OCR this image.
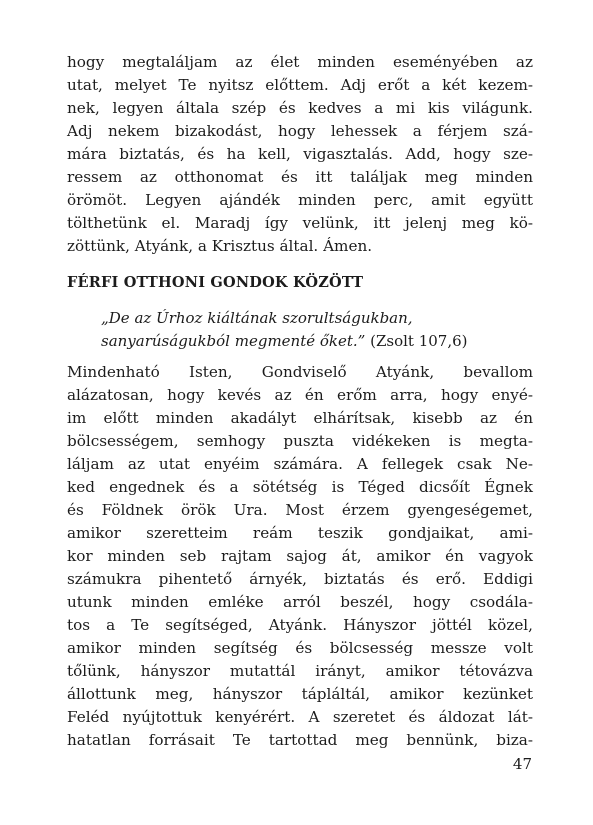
hogy megtaláljam az élet minden eseményében az
utat, melyet Te nyitsz előttem. Adj erőt a két kezem-
nek, legyen általa szép és kedves a mi kis világunk.
Adj nekem bizakodást, hogy lehessek a férjem szá-
mára biztatás, és ha kell, vigasztalás. Add, hogy sze-
ressem az otthonomat és itt találjak meg minden
örömöt. Legyen ajándék minden perc, amit együtt
tölthetünk el. Maradj így velünk, itt jelenj meg kö-
zöttünk, Atyánk, a Krisztus által. Ámen.
FÉRFI OTTHONI GONDOK KÖZÖTT
„De az Úrhoz kiáltának szorultságukban,
sanyarúságukból megmenté őket.” (Zsolt 107,6)
Mindenható Isten, Gondviselő Atyánk, bevallom
alázatosan, hogy kevés az én erőm arra, hogy enyé-
im előtt minden akadályt elhárítsak, kisebb az én
bölcsességem, semhogy puszta vidékeken is megta-
láljam az utat enyéim számára. A fellegek csak Ne-
ked engednek és a sötétség is Téged dicsőít Égnek
és Földnek örök Ura. Most érzem gyengeségemet,
amikor szeretteim reám teszik gondjaikat, ami-
kor minden seb rajtam sajog át, amikor én vagyok
számukra pihentető árnyék, biztatás és erő. Eddigi
utunk minden emléke arról beszél, hogy csodála-
tos a Te segítséged, Atyánk. Hányszor jöttél közel,
amikor minden segítség és bölcsesség messze volt
tőlünk, hányszor mutattál irányt, amikor tétovázva
állottunk meg, hányszor tápláltál, amikor kezünket
Feléd nyújtottuk kenyérért. A szeretet és áldozat lát-
hatatlan forrásait Te tartottad meg bennünk, biza-
47
